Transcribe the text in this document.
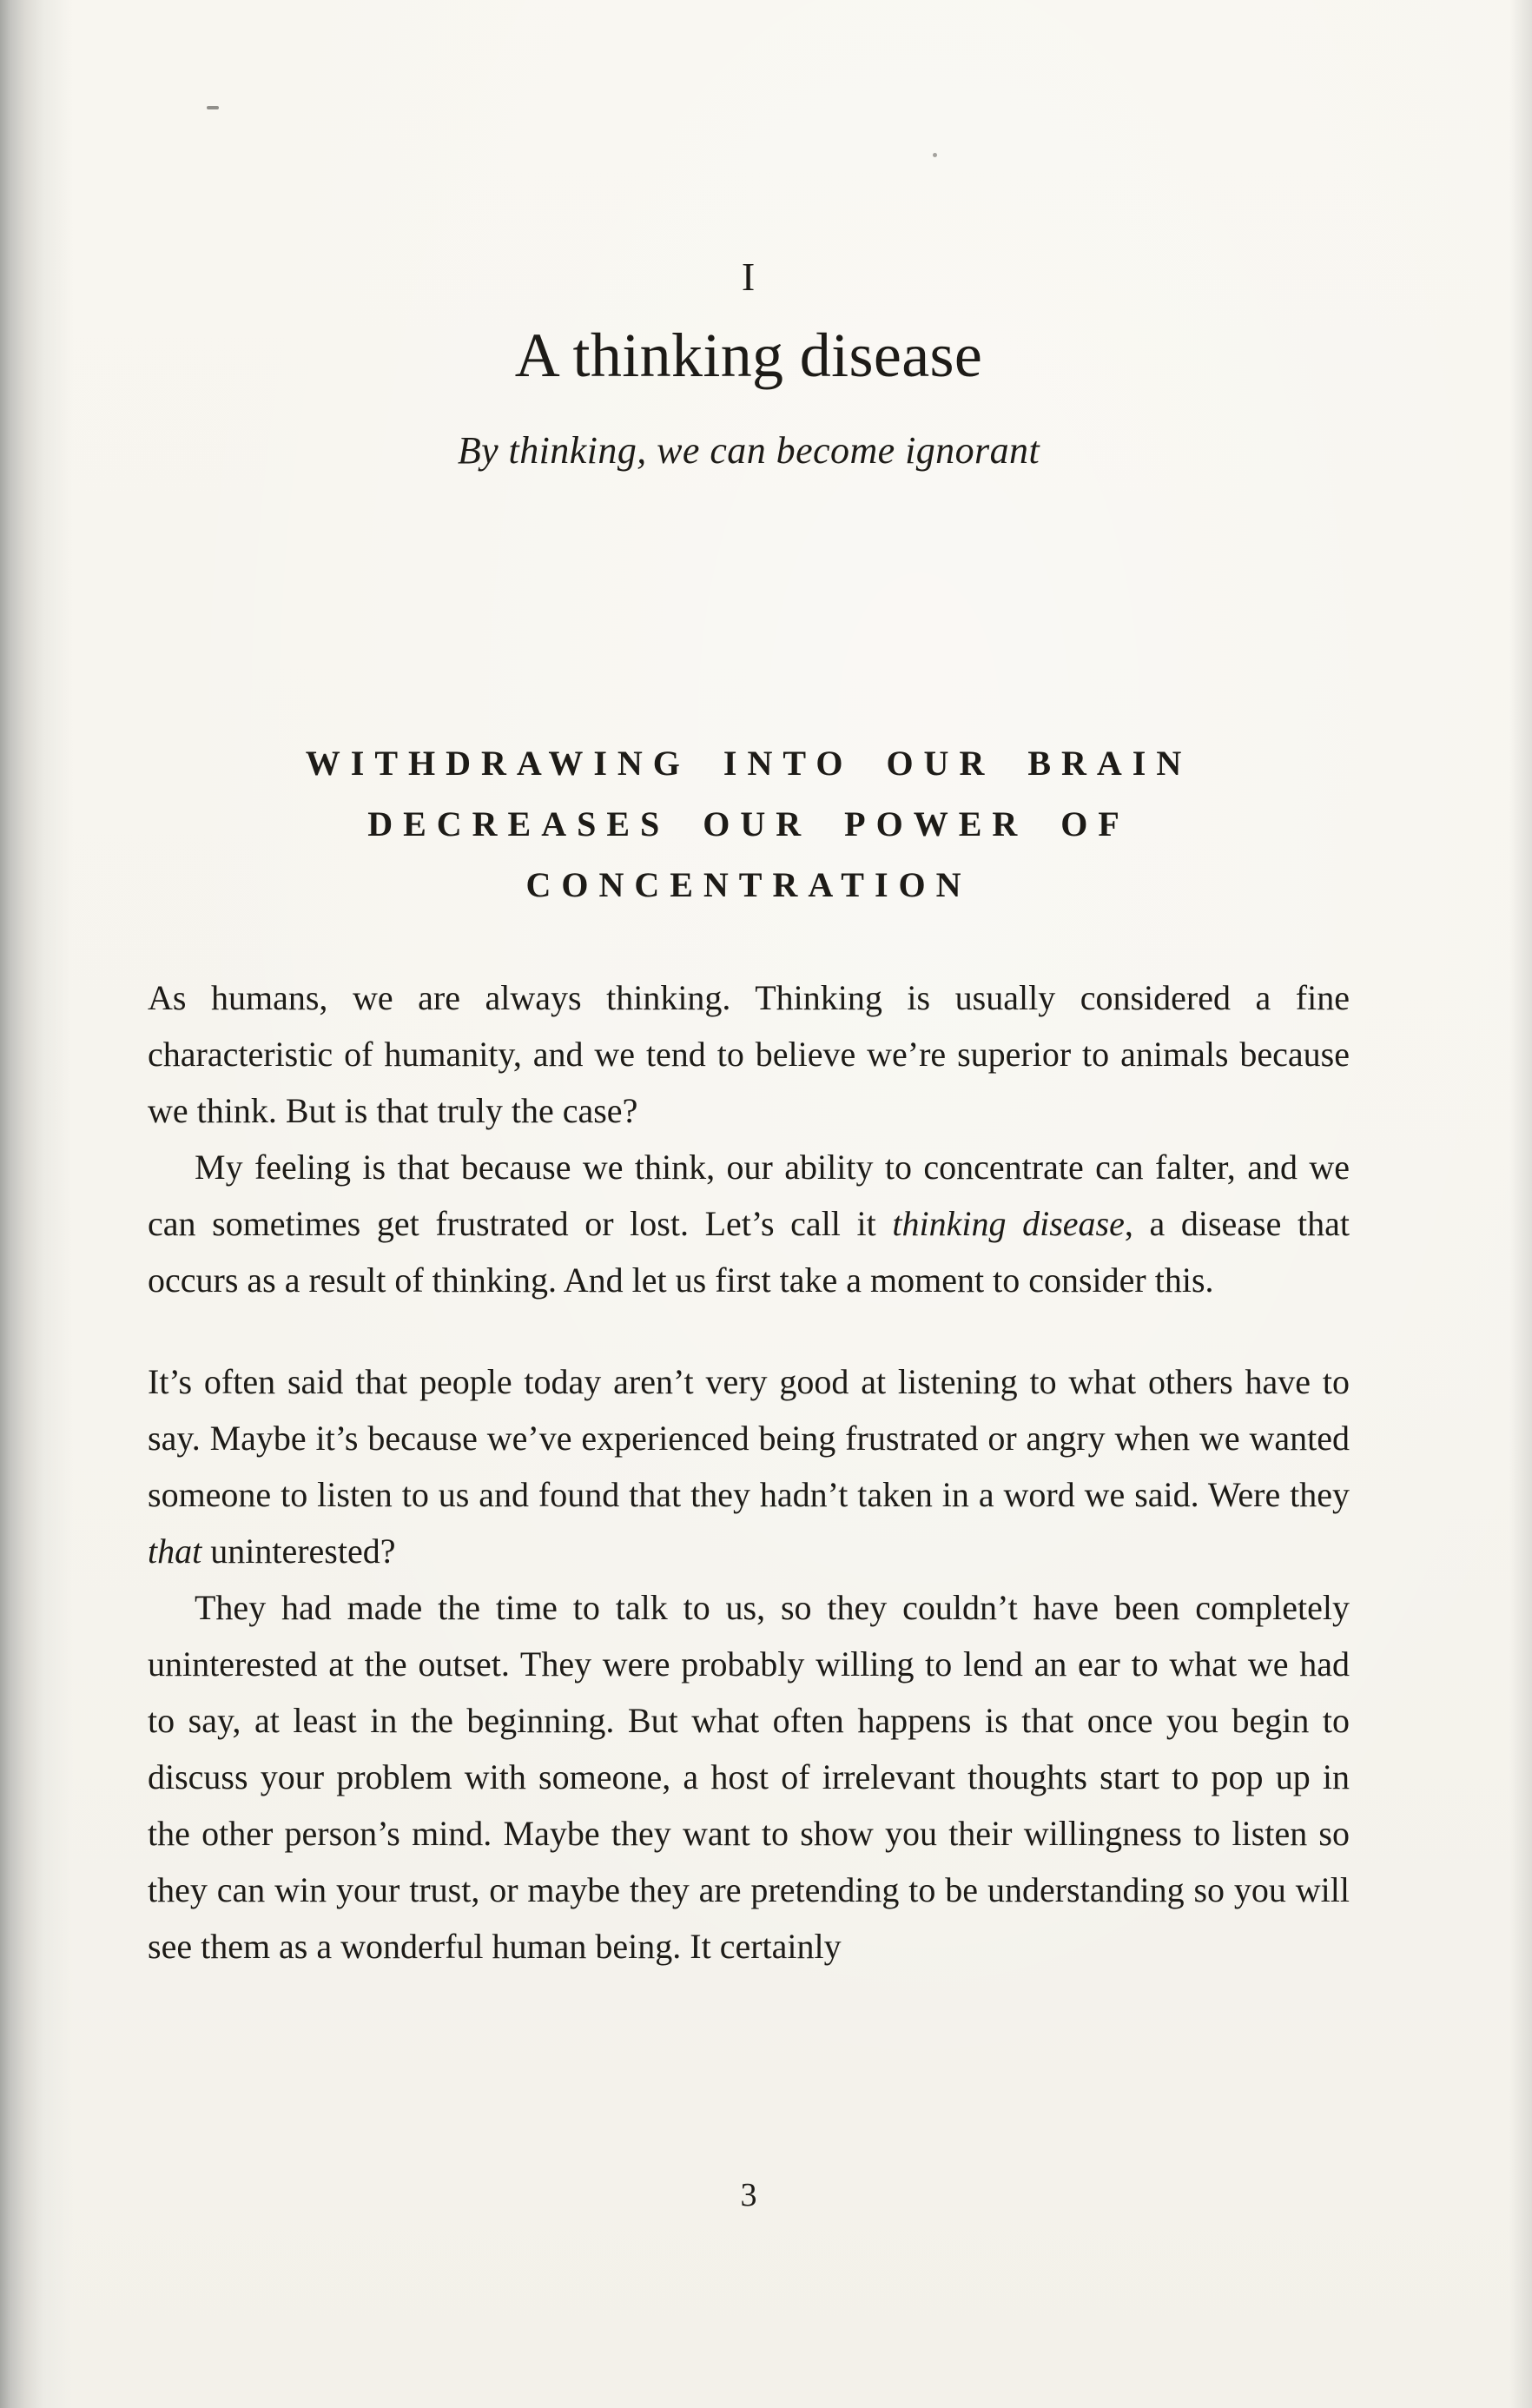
I
A thinking disease
By thinking, we can become ignorant
WITHDRAWING INTO OUR BRAIN
DECREASES OUR POWER OF
CONCENTRATION

As humans, we are always thinking. Thinking is usually considered a fine characteristic of humanity, and we tend to believe we’re superior to animals because we think. But is that truly the case?

My feeling is that because we think, our ability to concentrate can falter, and we can sometimes get frustrated or lost. Let’s call it thinking disease, a disease that occurs as a result of thinking. And let us first take a moment to consider this.

It’s often said that people today aren’t very good at listening to what others have to say. Maybe it’s because we’ve experienced being frustrated or angry when we wanted someone to listen to us and found that they hadn’t taken in a word we said. Were they that uninterested?

They had made the time to talk to us, so they couldn’t have been completely uninterested at the outset. They were probably willing to lend an ear to what we had to say, at least in the beginning. But what often happens is that once you begin to discuss your problem with someone, a host of irrelevant thoughts start to pop up in the other person’s mind. Maybe they want to show you their willingness to listen so they can win your trust, or maybe they are pretending to be understanding so you will see them as a wonderful human being. It certainly

3
